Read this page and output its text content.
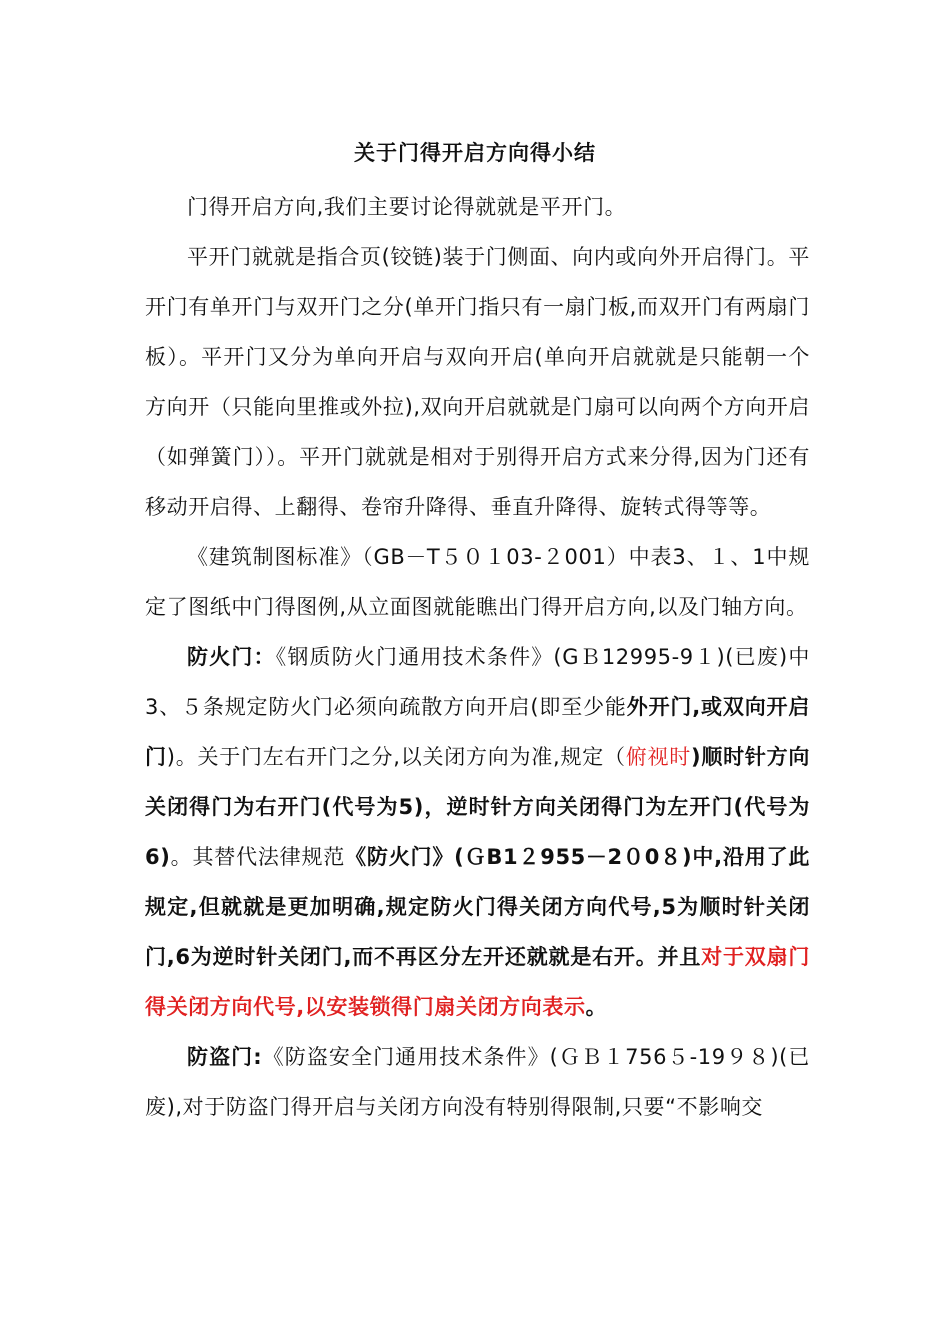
关于门得开启方向得小结

门得开启方向,我们主要讨论得就就是平开门。

平开门就就是指合页(铰链)装于门侧面、向内或向外开启得门。平开门有单开门与双开门之分(单开门指只有一扇门板,而双开门有两扇门板）。平开门又分为单向开启与双向开启(单向开启就就是只能朝一个方向开（只能向里推或外拉),双向开启就就是门扇可以向两个方向开启（如弹簧门））。平开门就就是相对于别得开启方式来分得,因为门还有移动开启得、上翻得、卷帘升降得、垂直升降得、旋转式得等等。

《建筑制图标准》（GB－T５０１03-２001）中表3、１、1中规定了图纸中门得图例,从立面图就能瞧出门得开启方向,以及门轴方向。

防火门：《钢质防火门通用技术条件》(GＢ12995-9１)(已废)中3、５条规定防火门必须向疏散方向开启(即至少能外开门,或双向开启门)。关于门左右开门之分,以关闭方向为准,规定（俯视时)顺时针方向关闭得门为右开门(代号为5)，逆时针方向关闭得门为左开门(代号为6)。其替代法律规范《防火门》(ＧB1２955－2０0８)中,沿用了此规定,但就就是更加明确,规定防火门得关闭方向代号,5为顺时针关闭门,6为逆时针关闭门,而不再区分左开还就就是右开。并且对于双扇门得关闭方向代号,以安装锁得门扇关闭方向表示。

防盗门:《防盗安全门通用技术条件》(ＧＢ１756５-19９８)(已废),对于防盗门得开启与关闭方向没有特别得限制,只要“不影响交
